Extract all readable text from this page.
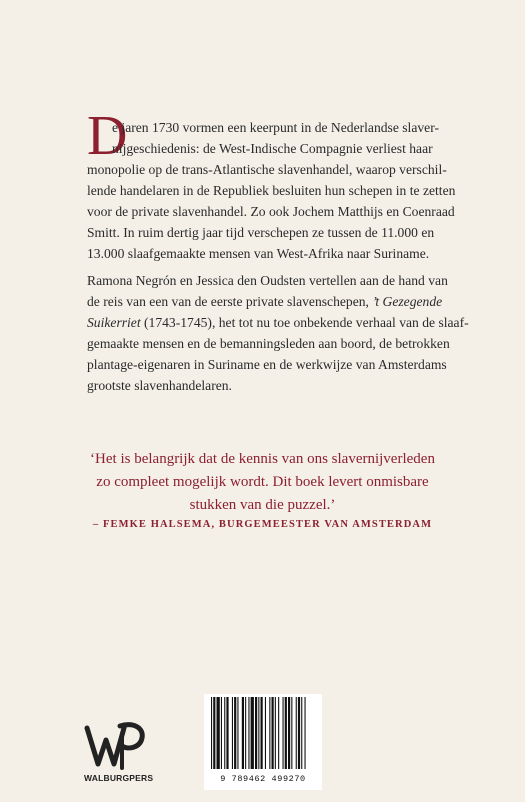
D
e jaren 1730 vormen een keerpunt in de Nederlandse slaver-
nijgeschiedenis: de West-Indische Compagnie verliest haar
monopolie op de trans-Atlantische slavenhandel, waarop verschil-
lende handelaren in de Republiek besluiten hun schepen in te zetten
voor de private slavenhandel. Zo ook Jochem Matthijs en Coenraad
Smitt. In ruim dertig jaar tijd verschepen ze tussen de 11.000 en
13.000 slaafgemaakte mensen van West-Afrika naar Suriname.
Ramona Negrón en Jessica den Oudsten vertellen aan de hand van
de reis van een van de eerste private slavenschepen, ’t Gezegende
Suikerriet (1743-1745), het tot nu toe onbekende verhaal van de slaaf-
gemaakte mensen en de bemanningsleden aan boord, de betrokken
plantage-eigenaren in Suriname en de werkwijze van Amsterdams
grootste slavenhandelaren.
‘Het is belangrijk dat de kennis van ons slavernijverleden
zo compleet mogelijk wordt. Dit boek levert onmisbare
stukken van die puzzel.’
– FEMKE HALSEMA, BURGEMEESTER VAN AMSTERDAM
WALBURGPERS	9 789462 499270
